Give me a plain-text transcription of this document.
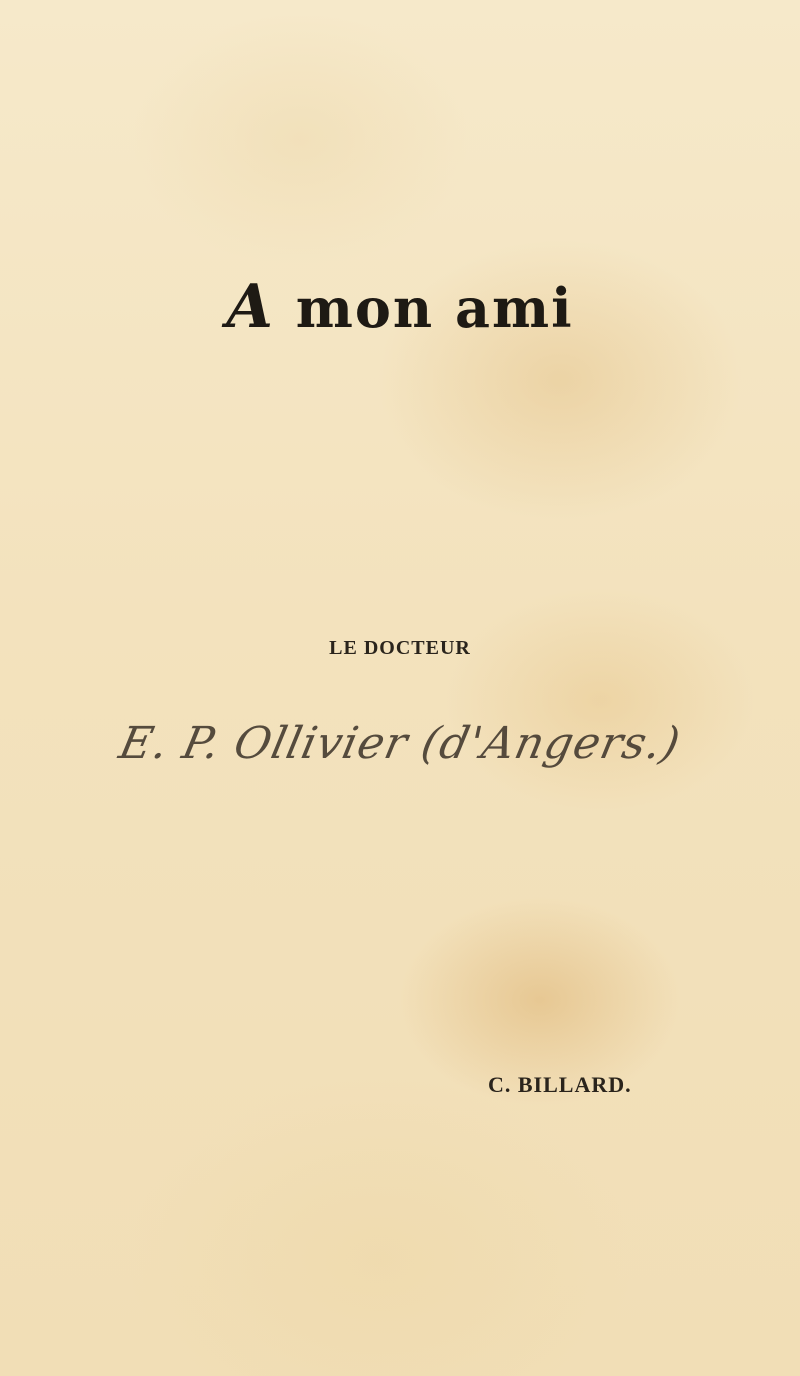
A mon ami
LE DOCTEUR
E. P. Ollivier (d'Angers.)
C. BILLARD.
